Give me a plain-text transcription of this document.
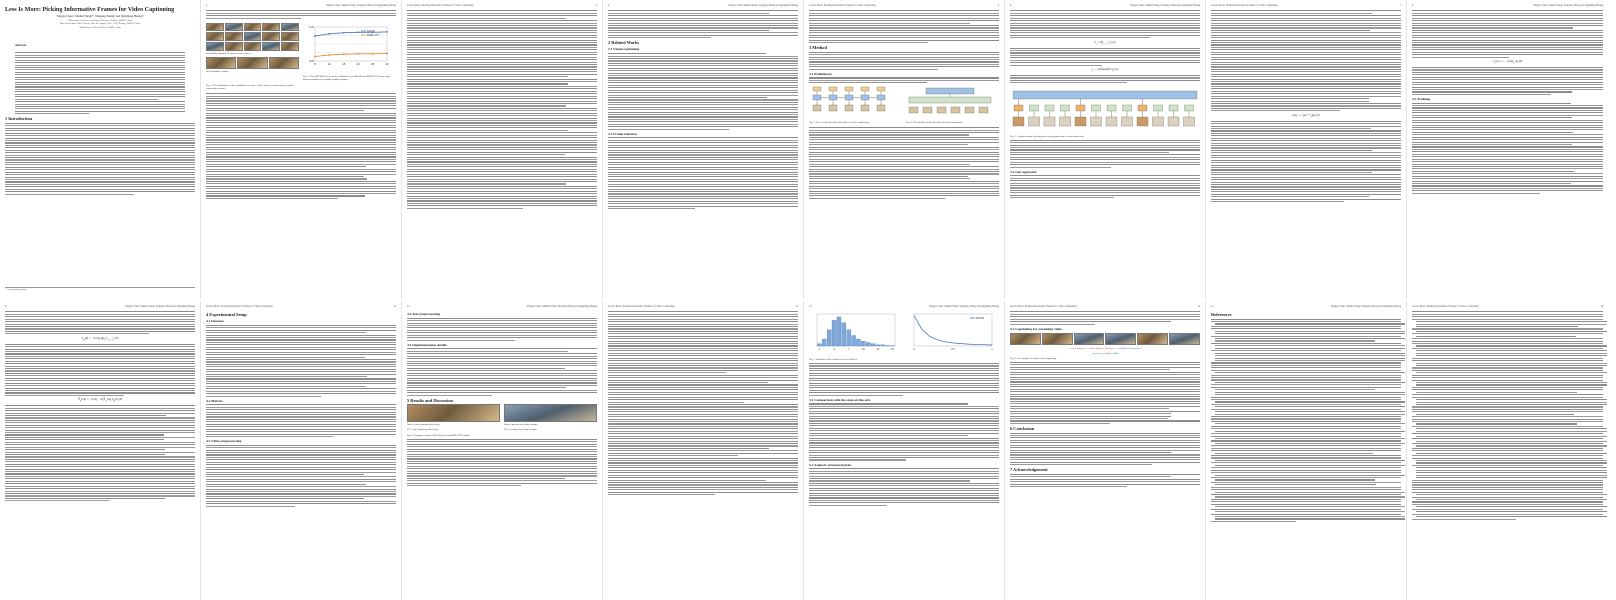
Less Is More: Picking Informative Frames for Video Captioning
Yangyu Chen¹, Shuhui Wang²*, Weigang Zhang³ and Qingming Huang¹²
¹University of Chinese Academy of Sciences, Beijing, 100049, China
²Key Lab of Intell. Info. Process., Inst. of Comput. Tech., CAS, Beijing, 100190, China
³Harbin Inst. of Tech, Weihai, 264209, China
Abstract.
1 Introduction
* Corresponding author
2	Yangyu Chen, Shuhui Wang, Weigang Zhang and Qingming Huang
(a) Equally sampled 30 frames from a video.
(b) Informative frames
5	10	15	20	25	30
0.25
0.34
MSVD
MSR-VTT
Fig. 2. The METEOR score on the validation set of MSVD and MSR-VTT when using different numbers of equally sampled frames.
Fig. 1. The illustration of the redundancy in video. Video always contains many similar consecutive frames.
Less Is More: Picking Informative Frames for Video Captioning	3	4	Yangyu Chen, Shuhui Wang, Weigang Zhang and Qingming Huang
2 Related Works
2.1 Visual captioning
2.2 Frame selection
Less Is More: Picking Informative Frames for Video Captioning	5
3 Method
3.1 Preliminary
Fig. 3. The encoder-decoder procedure for video captioning.	Fig. 4. The PickNet on the Encoder-Decoder framework.
6	Yangyu Chen, Shuhui Wang, Weigang Zhang and Qingming Huang
$h_t = f(h_{t-1}$, $x_t$) (1)
$y_t$ ∼ softmax(W $h_t$) (2)
Fig. 5. A typical frame picking and encoding procedure of our framework.
3.2 Our approach
Less Is More: Picking Informative Frames for Video Captioning	7
$r(a) = r_v(a) + r_l(a)$ (5)
8	Yangyu Chen, Shuhui Wang, Weigang Zhang and Qingming Huang
$r_v(a) = 1 - \cos(x_i$, g) (6)
3.3 Training
9	Yangyu Chen, Shuhui Wang, Weigang Zhang and Qingming Huang
$L_X(\theta) = -\Sigma$ $\log p(y_t|y_{1:t-1})$ (7)
$\nabla_\theta L(\theta) \approx -(r(a) - b)\nabla_\theta$ $\log p_\theta(a)$ (9)
Less Is More: Picking Informative Frames for Video Captioning	10
4 Experimental Setup
4.1 Datasets
4.2 Metrics
4.3 Video preprocessing
11	Yangyu Chen, Shuhui Wang, Weigang Zhang and Qingming Huang
4.4 Text preprocessing
4.5 Implementation details
5 Results and Discussion
Ours: a cat is playing with a dog.
GT: a cat is playing with a dog.
Ours: a person is peeling a potato.
GT: a woman is peeling a potato.
Fig. 6. Example results on MSVD (left) and MSR-VTT (right).
Less Is More: Picking Informative Frames for Video Captioning	12	13	Yangyu Chen, Shuhui Wang, Weigang Zhang and Qingming Huang
1	4	7	10	13	16	0	0.5	1
MSVD
Fig. 7. Statistics on the behavior of our PickNet.
5.1 Comparison with the state-of-the-arts
5.2 Analysis of learned picks
Less Is More: Picking Informative Frames for Video Captioning	14
5.3 Captioning for streaming video
a cat is playing → a cat is playing with a toy → a rabbit is being petted
a person is petting a rabbit
Fig. 8. An example of online video captioning.
6 Conclusion
7 Acknowledgement
15	Yangyu Chen, Shuhui Wang, Weigang Zhang and Qingming Huang
References
Less Is More: Picking Informative Frames for Video Captioning	16
